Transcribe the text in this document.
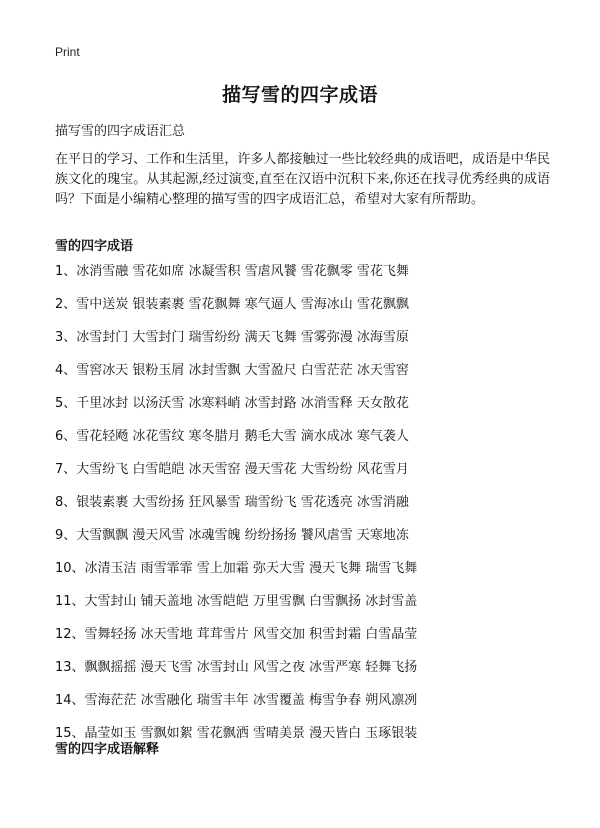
Print
描写雪的四字成语
描写雪的四字成语汇总
在平日的学习、工作和生活里，许多人都接触过一些比较经典的成语吧，成语是中华民族文化的瑰宝。从其起源,经过演变,直至在汉语中沉积下来,你还在找寻优秀经典的成语吗？下面是小编精心整理的描写雪的四字成语汇总，希望对大家有所帮助。
雪的四字成语
1、冰消雪融 雪花如席 冰凝雪积 雪虐风饕 雪花飘零 雪花飞舞
2、雪中送炭 银装素裹 雪花飘舞 寒气逼人 雪海冰山 雪花飘飘
3、冰雪封门 大雪封门 瑞雪纷纷 满天飞舞 雪雾弥漫 冰海雪原
4、雪窖冰天 银粉玉屑 冰封雪飘 大雪盈尺 白雪茫茫 冰天雪窖
5、千里冰封 以汤沃雪 冰寒料峭 冰雪封路 冰消雪释 天女散花
6、雪花轻飏 冰花雪纹 寒冬腊月 鹅毛大雪 滴水成冰 寒气袭人
7、大雪纷飞 白雪皑皑 冰天雪窑 漫天雪花 大雪纷纷 风花雪月
8、银装素裹 大雪纷扬 狂风暴雪 瑞雪纷飞 雪花透亮 冰雪消融
9、大雪飘飘 漫天风雪 冰魂雪魄 纷纷扬扬 饕风虐雪 天寒地冻
10、冰清玉洁 雨雪霏霏 雪上加霜 弥天大雪 漫天飞舞 瑞雪飞舞
11、大雪封山 铺天盖地 冰雪皑皑 万里雪飘 白雪飘扬 冰封雪盖
12、雪舞轻扬 冰天雪地 茸茸雪片 风雪交加 积雪封霜 白雪晶莹
13、飘飘摇摇 漫天飞雪 冰雪封山 风雪之夜 冰雪严寒 轻舞飞扬
14、雪海茫茫 冰雪融化 瑞雪丰年 冰雪覆盖 梅雪争春 朔风凛冽
15、晶莹如玉 雪飘如絮 雪花飘洒 雪晴美景 漫天皆白 玉琢银装
雪的四字成语解释
